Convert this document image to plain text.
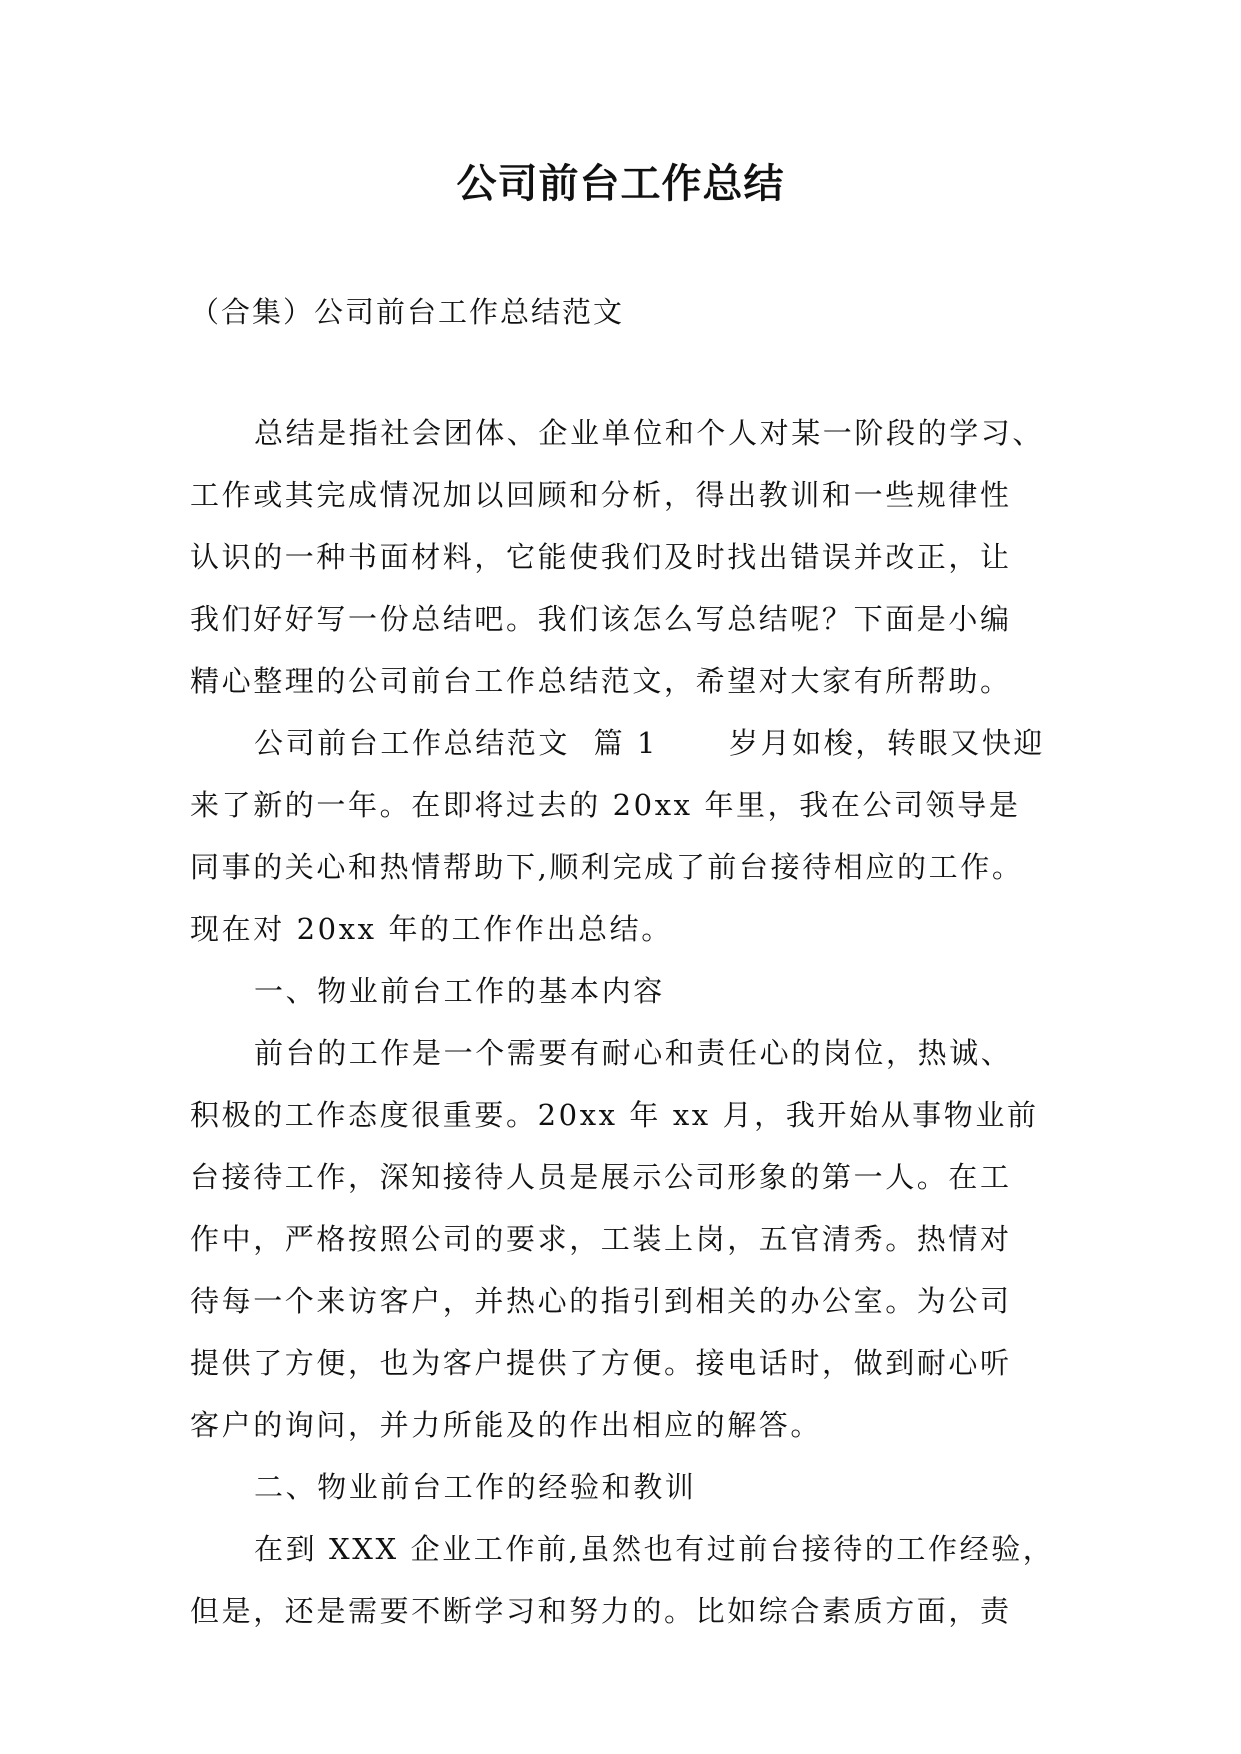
公司前台工作总结

（合集）公司前台工作总结范文

总结是指社会团体、企业单位和个人对某一阶段的学习、
工作或其完成情况加以回顾和分析，得出教训和一些规律性
认识的一种书面材料，它能使我们及时找出错误并改正，让
我们好好写一份总结吧。我们该怎么写总结呢？下面是小编
精心整理的公司前台工作总结范文，希望对大家有所帮助。
公司前台工作总结范文  篇 1      岁月如梭，转眼又快迎
来了新的一年。在即将过去的 20xx 年里，我在公司领导是
同事的关心和热情帮助下,顺利完成了前台接待相应的工作。
现在对 20xx 年的工作作出总结。
一、物业前台工作的基本内容
前台的工作是一个需要有耐心和责任心的岗位，热诚、
积极的工作态度很重要。20xx 年 xx 月，我开始从事物业前
台接待工作，深知接待人员是展示公司形象的第一人。在工
作中，严格按照公司的要求，工装上岗，五官清秀。热情对
待每一个来访客户，并热心的指引到相关的办公室。为公司
提供了方便，也为客户提供了方便。接电话时，做到耐心听
客户的询问，并力所能及的作出相应的解答。
二、物业前台工作的经验和教训
在到 XXX 企业工作前,虽然也有过前台接待的工作经验，
但是，还是需要不断学习和努力的。比如综合素质方面，责
